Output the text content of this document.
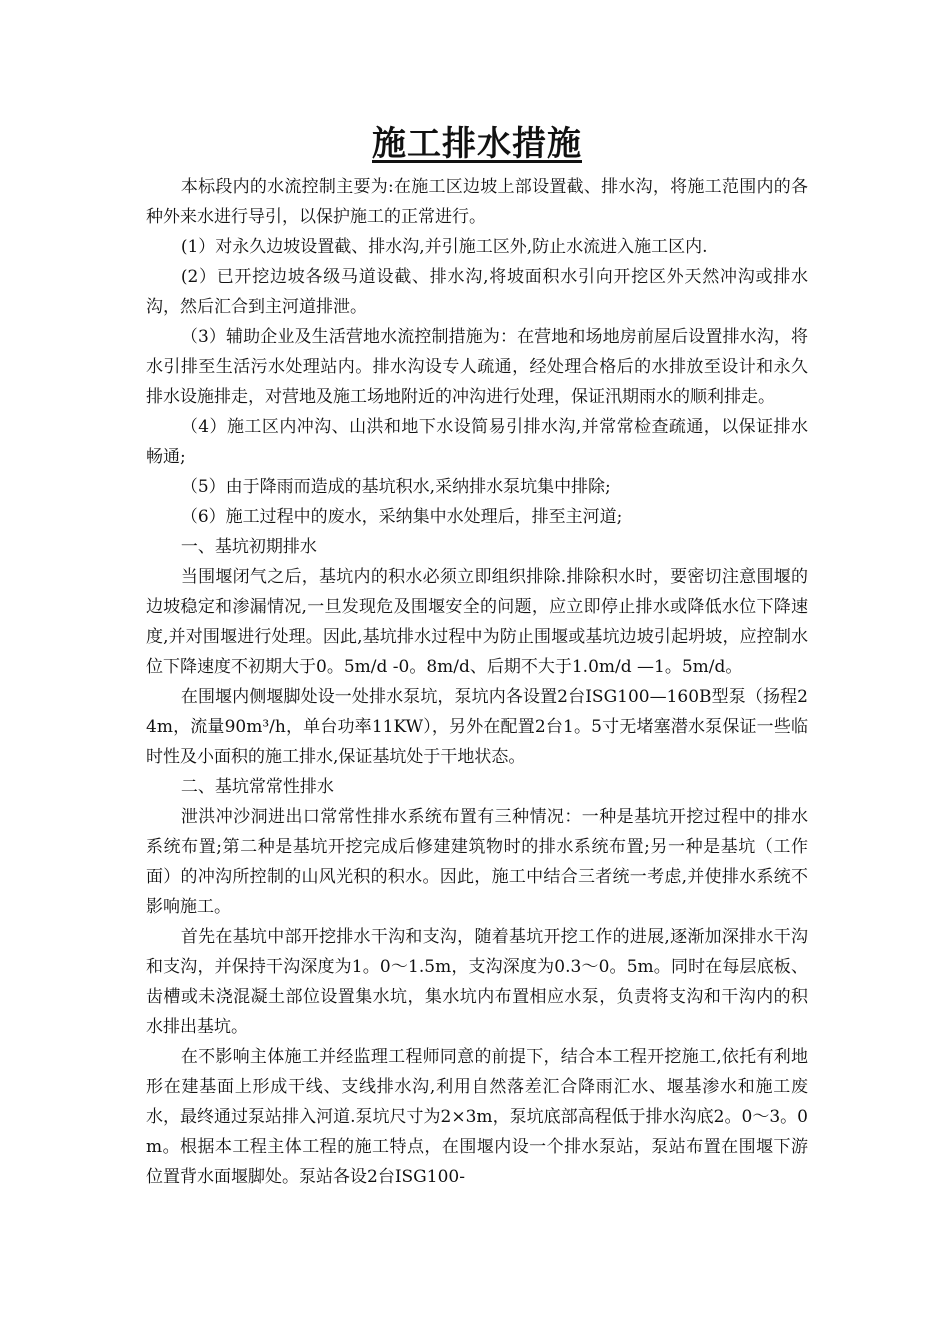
施工排水措施

本标段内的水流控制主要为:在施工区边坡上部设置截、排水沟，将施工范围内的各种外来水进行导引，以保护施工的正常进行。

(1）对永久边坡设置截、排水沟,并引施工区外,防止水流进入施工区内.

(2）已开挖边坡各级马道设截、排水沟,将坡面积水引向开挖区外天然冲沟或排水沟，然后汇合到主河道排泄。

（3）辅助企业及生活营地水流控制措施为：在营地和场地房前屋后设置排水沟，将水引排至生活污水处理站内。排水沟设专人疏通，经处理合格后的水排放至设计和永久排水设施排走，对营地及施工场地附近的冲沟进行处理，保证汛期雨水的顺利排走。

（4）施工区内冲沟、山洪和地下水设简易引排水沟,并常常检查疏通，以保证排水畅通;

（5）由于降雨而造成的基坑积水,采纳排水泵坑集中排除;

（6）施工过程中的废水，采纳集中水处理后，排至主河道;

一、基坑初期排水

当围堰闭气之后，基坑内的积水必须立即组织排除.排除积水时，要密切注意围堰的边坡稳定和渗漏情况,一旦发现危及围堰安全的问题，应立即停止排水或降低水位下降速度,并对围堰进行处理。因此,基坑排水过程中为防止围堰或基坑边坡引起坍坡，应控制水位下降速度不初期大于0。5m/d -0。8m/d、后期不大于1.0m/d —1。5m/d。

在围堰内侧堰脚处设一处排水泵坑，泵坑内各设置2台ISG100—160B型泵（扬程24m，流量90m³/h，单台功率11KW），另外在配置2台1。5寸无堵塞潜水泵保证一些临时性及小面积的施工排水,保证基坑处于干地状态。

二、基坑常常性排水

泄洪冲沙洞进出口常常性排水系统布置有三种情况：一种是基坑开挖过程中的排水系统布置;第二种是基坑开挖完成后修建建筑物时的排水系统布置;另一种是基坑（工作面）的冲沟所控制的山风光积的积水。因此，施工中结合三者统一考虑,并使排水系统不影响施工。

首先在基坑中部开挖排水干沟和支沟，随着基坑开挖工作的进展,逐渐加深排水干沟和支沟，并保持干沟深度为1。0～1.5m，支沟深度为0.3～0。5m。同时在每层底板、齿槽或未浇混凝土部位设置集水坑，集水坑内布置相应水泵，负责将支沟和干沟内的积水排出基坑。

在不影响主体施工并经监理工程师同意的前提下，结合本工程开挖施工,依托有利地形在建基面上形成干线、支线排水沟,利用自然落差汇合降雨汇水、堰基渗水和施工废水，最终通过泵站排入河道.泵坑尺寸为2×3m，泵坑底部高程低于排水沟底2。0～3。0m。根据本工程主体工程的施工特点，在围堰内设一个排水泵站，泵站布置在围堰下游位置背水面堰脚处。泵站各设2台ISG100-
